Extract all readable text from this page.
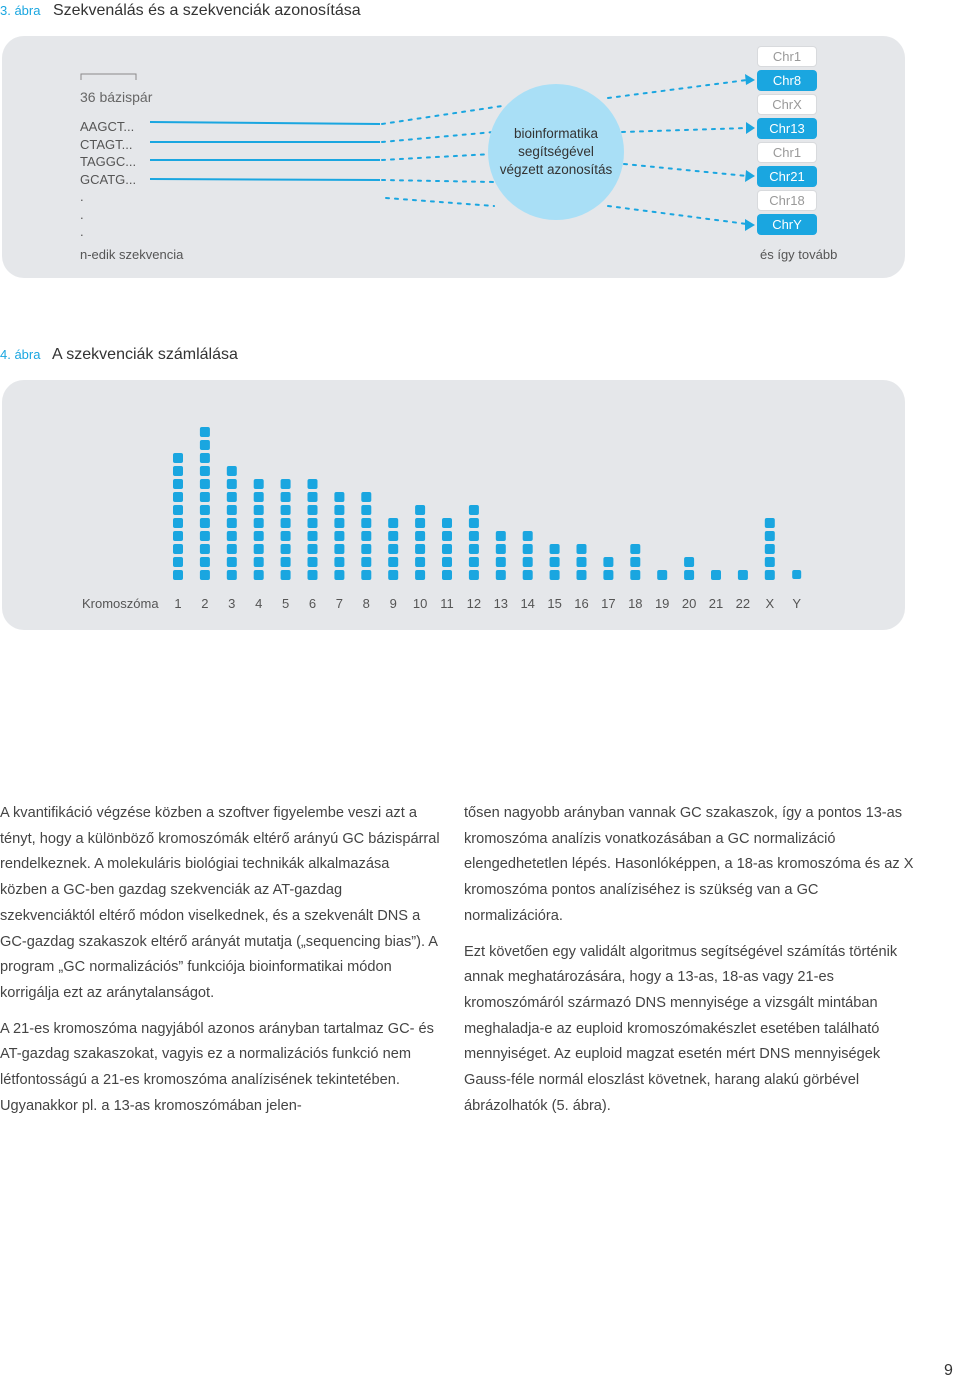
3. ábra Szekvenálás és a szekvenciák azonosítása
36 bázispár
AAGCT...
CTAGT...
TAGGC...
GCATG...
.
.
.
n-edik szekvencia
bioinformatika
segítségével
végzett azonosítás
Chr1
Chr8
ChrX
Chr13
Chr1
Chr21
Chr18
ChrY
és így tovább
4. ábra A szekvenciák számlálása
Kromoszóma	1	2	3	4	5	6	7	8	9	10 11 12 13 14 15 16 17 18 19 20 21 22	X	Y

A kvantifikáció végzése közben a szoftver figyelembe veszi azt a tényt, hogy a különböző kromoszómák eltérő arányú GC bázispárral rendelkeznek. A molekuláris biológiai technikák alkalmazása közben a GC-ben gazdag szekvenciák az AT-gazdag szekvenciáktól eltérő módon viselkednek, és a szekvenált DNS a GC-gazdag szakaszok eltérő arányát mutatja („sequencing bias”). A program „GC normalizációs” funkciója bioinformatikai módon korrigálja ezt az aránytalanságot.

A 21-es kromoszóma nagyjából azonos arányban tartalmaz GC- és AT-gazdag szakaszokat, vagyis ez a normalizációs funkció nem létfontosságú a 21-es kromoszóma analízisének tekintetében. Ugyanakkor pl. a 13-as kromoszómában jelen-

tősen nagyobb arányban vannak GC szakaszok, így a pontos 13-as kromoszóma analízis vonatkozásában a GC normalizáció elengedhetetlen lépés. Hasonlóképpen, a 18-as kromoszóma és az X kromoszóma pontos analíziséhez is szükség van a GC normalizációra.

Ezt követően egy validált algoritmus segítségével számítás történik annak meghatározására, hogy a 13-as, 18-as vagy 21-es kromoszómáról származó DNS mennyisége a vizsgált mintában meghaladja-e az euploid kromoszómakészlet esetében található mennyiséget. Az euploid magzat esetén mért DNS mennyiségek Gauss-féle normál eloszlást követnek, harang alakú görbével ábrázolhatók (5. ábra).

9
